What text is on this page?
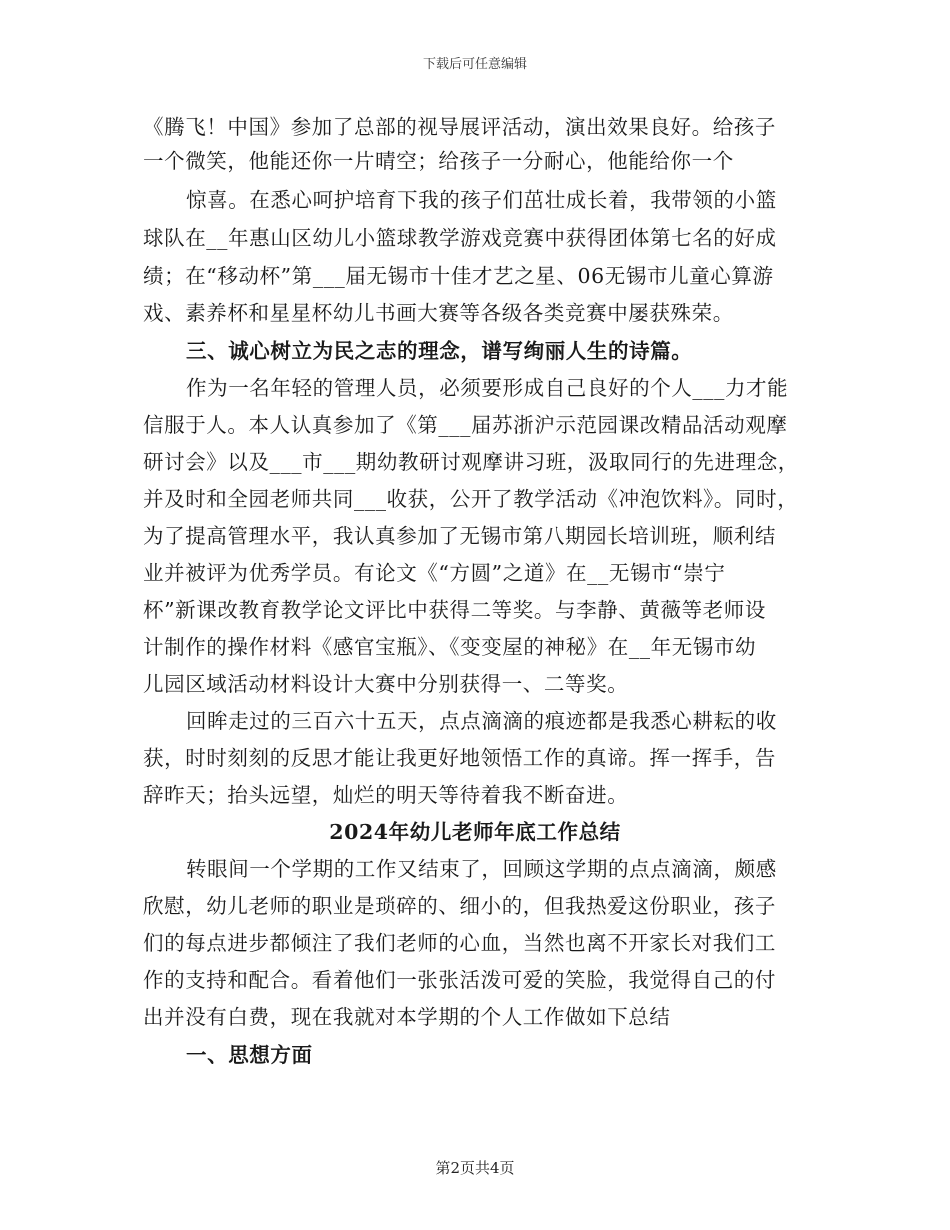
下载后可任意编辑
《腾飞！中国》参加了总部的视导展评活动，演出效果良好。给孩子
一个微笑，他能还你一片晴空；给孩子一分耐心，他能给你一个
惊喜。在悉心呵护培育下我的孩子们茁壮成长着，我带领的小篮
球队在__年惠山区幼儿小篮球教学游戏竞赛中获得团体第七名的好成
绩；在“移动杯”第___届无锡市十佳才艺之星、06无锡市儿童心算游
戏、素养杯和星星杯幼儿书画大赛等各级各类竞赛中屡获殊荣。
三、诚心树立为民之志的理念，谱写绚丽人生的诗篇。
作为一名年轻的管理人员，必须要形成自己良好的个人___力才能
信服于人。本人认真参加了《第___届苏浙沪示范园课改精品活动观摩
研讨会》以及___市___期幼教研讨观摩讲习班，汲取同行的先进理念，
并及时和全园老师共同___收获，公开了教学活动《冲泡饮料》。同时，
为了提高管理水平，我认真参加了无锡市第八期园长培训班，顺利结
业并被评为优秀学员。有论文《“方圆”之道》在__无锡市“崇宁
杯”新课改教育教学论文评比中获得二等奖。与李静、黄薇等老师设
计制作的操作材料《感官宝瓶》、《变变屋的神秘》在__年无锡市幼
儿园区域活动材料设计大赛中分别获得一、二等奖。
回眸走过的三百六十五天，点点滴滴的痕迹都是我悉心耕耘的收
获，时时刻刻的反思才能让我更好地领悟工作的真谛。挥一挥手，告
辞昨天；抬头远望，灿烂的明天等待着我不断奋进。
2024年幼儿老师年底工作总结
转眼间一个学期的工作又结束了，回顾这学期的点点滴滴，颇感
欣慰，幼儿老师的职业是琐碎的、细小的，但我热爱这份职业，孩子
们的每点进步都倾注了我们老师的心血，当然也离不开家长对我们工
作的支持和配合。看着他们一张张活泼可爱的笑脸，我觉得自己的付
出并没有白费，现在我就对本学期的个人工作做如下总结
一、思想方面
第2页共4页
